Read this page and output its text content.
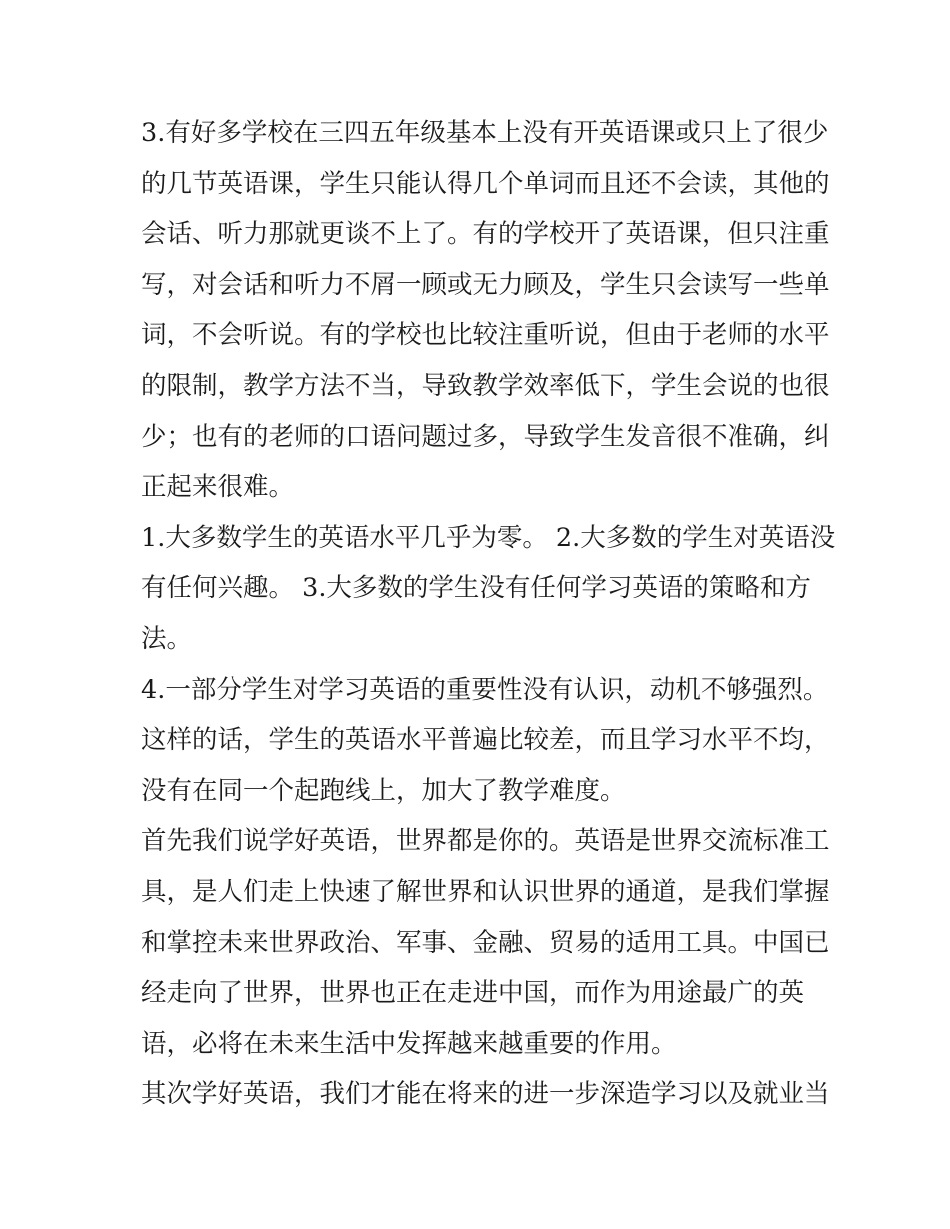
3.有好多学校在三四五年级基本上没有开英语课或只上了很少
的几节英语课，学生只能认得几个单词而且还不会读，其他的
会话、听力那就更谈不上了。有的学校开了英语课，但只注重
写，对会话和听力不屑一顾或无力顾及，学生只会读写一些单
词，不会听说。有的学校也比较注重听说，但由于老师的水平
的限制，教学方法不当，导致教学效率低下，学生会说的也很
少；也有的老师的口语问题过多，导致学生发音很不准确，纠
正起来很难。
1.大多数学生的英语水平几乎为零。 2.大多数的学生对英语没
有任何兴趣。 3.大多数的学生没有任何学习英语的策略和方
法。
4.一部分学生对学习英语的重要性没有认识，动机不够强烈。
这样的话，学生的英语水平普遍比较差，而且学习水平不均，
没有在同一个起跑线上，加大了教学难度。
首先我们说学好英语，世界都是你的。英语是世界交流标准工
具，是人们走上快速了解世界和认识世界的通道，是我们掌握
和掌控未来世界政治、军事、金融、贸易的适用工具。中国已
经走向了世界，世界也正在走进中国，而作为用途最广的英
语，必将在未来生活中发挥越来越重要的作用。
其次学好英语，我们才能在将来的进一步深造学习以及就业当
